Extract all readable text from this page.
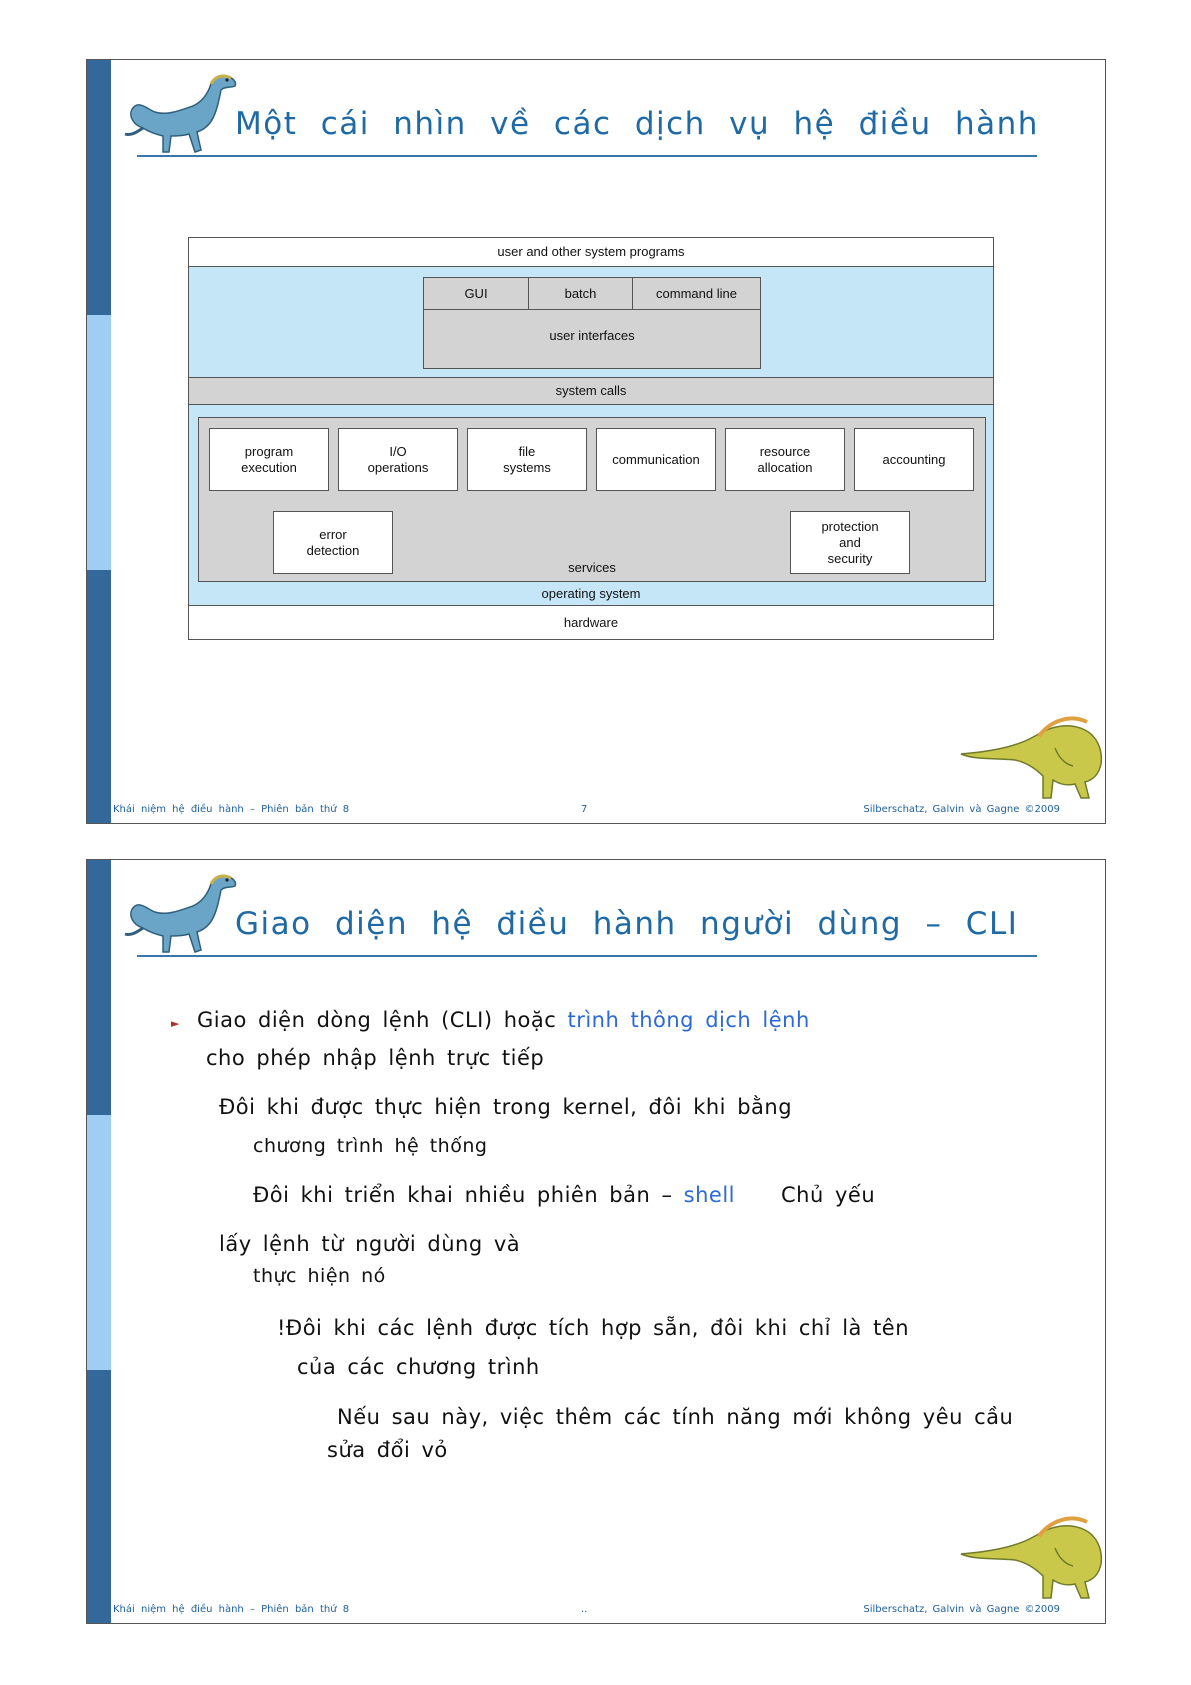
Một cái nhìn về các dịch vụ hệ điều hành
user and other system programs
GUI	batch	command line
user interfaces
system calls
program
execution
I/O
operations
file
systems
communication
resource
allocation
accounting
error
detection
protection
and
security
services
operating system
hardware
Khái niệm hệ điều hành – Phiên bản thứ 8	7	Silberschatz, Galvin và Gagne ©2009
Giao diện hệ điều hành người dùng – CLI
► Giao diện dòng lệnh (CLI) hoặc trình thông dịch lệnh
cho phép nhập lệnh trực tiếp
Đôi khi được thực hiện trong kernel, đôi khi bằng
chương trình hệ thống
Đôi khi triển khai nhiều phiên bản – shell Chủ yếu
lấy lệnh từ người dùng và
thực hiện nó
!Đôi khi các lệnh được tích hợp sẵn, đôi khi chỉ là tên
của các chương trình
Nếu sau này, việc thêm các tính năng mới không yêu cầu
sửa đổi vỏ
Khái niệm hệ điều hành – Phiên bản thứ 8	..	Silberschatz, Galvin và Gagne ©2009
